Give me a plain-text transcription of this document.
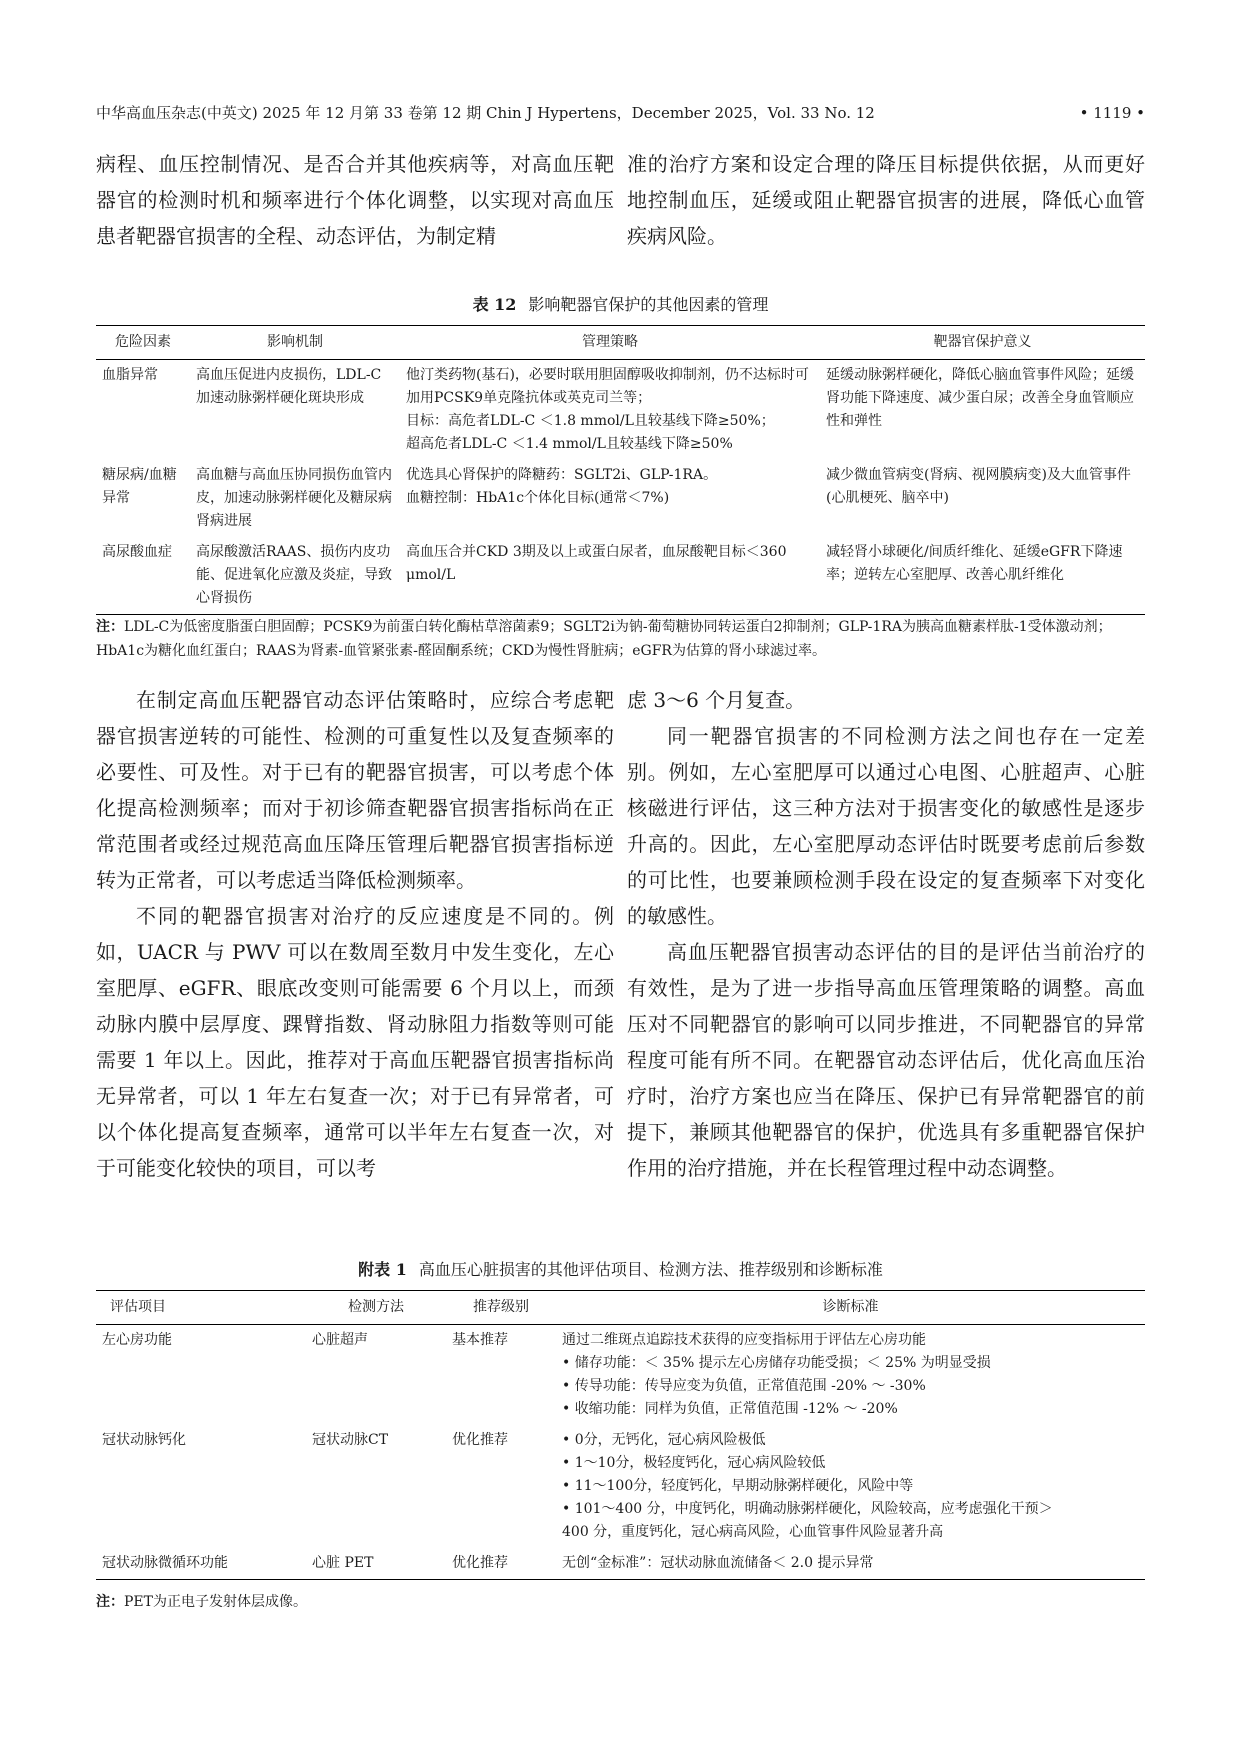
中华高血压杂志(中英文) 2025 年 12 月第 33 卷第 12 期 Chin J Hypertens，December 2025，Vol. 33 No. 12	• 1119 •

病程、血压控制情况、是否合并其他疾病等，对高血压靶器官的检测时机和频率进行个体化调整，以实现对高血压患者靶器官损害的全程、动态评估，为制定精

准的治疗方案和设定合理的降压目标提供依据，从而更好地控制血压，延缓或阻止靶器官损害的进展，降低心血管疾病风险。

表 12 影响靶器官保护的其他因素的管理
危险因素	影响机制	管理策略	靶器官保护意义
血脂异常	高血压促进内皮损伤，LDL-C加速动脉粥样硬化斑块形成	他汀类药物(基石)，必要时联用胆固醇吸收抑制剂，仍不达标时可加用PCSK9单克隆抗体或英克司兰等；
目标：高危者LDL-C ＜1.8 mmol/L且较基线下降≥50%；
超高危者LDL-C ＜1.4 mmol/L且较基线下降≥50%	延缓动脉粥样硬化，降低心脑血管事件风险；延缓肾功能下降速度、减少蛋白尿；改善全身血管顺应性和弹性
糖尿病/血糖异常	高血糖与高血压协同损伤血管内皮，加速动脉粥样硬化及糖尿病肾病进展	优选具心肾保护的降糖药：SGLT2i、GLP-1RA。
血糖控制：HbA1c个体化目标(通常＜7%)	减少微血管病变(肾病、视网膜病变)及大血管事件(心肌梗死、脑卒中)
高尿酸血症	高尿酸激活RAAS、损伤内皮功能、促进氧化应激及炎症，导致心肾损伤	高血压合并CKD 3期及以上或蛋白尿者，血尿酸靶目标＜360 μmol/L	减轻肾小球硬化/间质纤维化、延缓eGFR下降速率；逆转左心室肥厚、改善心肌纤维化
注：LDL-C为低密度脂蛋白胆固醇；PCSK9为前蛋白转化酶枯草溶菌素9；SGLT2i为钠-葡萄糖协同转运蛋白2抑制剂；GLP-1RA为胰高血糖素样肽-1受体激动剂； HbA1c为糖化血红蛋白；RAAS为肾素-血管紧张素-醛固酮系统；CKD为慢性肾脏病；eGFR为估算的肾小球滤过率。

在制定高血压靶器官动态评估策略时，应综合考虑靶器官损害逆转的可能性、检测的可重复性以及复查频率的必要性、可及性。对于已有的靶器官损害，可以考虑个体化提高检测频率；而对于初诊筛查靶器官损害指标尚在正常范围者或经过规范高血压降压管理后靶器官损害指标逆转为正常者，可以考虑适当降低检测频率。

不同的靶器官损害对治疗的反应速度是不同的。例如，UACR 与 PWV 可以在数周至数月中发生变化，左心室肥厚、eGFR、眼底改变则可能需要 6 个月以上，而颈动脉内膜中层厚度、踝臂指数、肾动脉阻力指数等则可能需要 1 年以上。因此，推荐对于高血压靶器官损害指标尚无异常者，可以 1 年左右复查一次；对于已有异常者，可以个体化提高复查频率，通常可以半年左右复查一次，对于可能变化较快的项目，可以考

虑 3～6 个月复查。

同一靶器官损害的不同检测方法之间也存在一定差别。例如，左心室肥厚可以通过心电图、心脏超声、心脏核磁进行评估，这三种方法对于损害变化的敏感性是逐步升高的。因此，左心室肥厚动态评估时既要考虑前后参数的可比性，也要兼顾检测手段在设定的复查频率下对变化的敏感性。

高血压靶器官损害动态评估的目的是评估当前治疗的有效性，是为了进一步指导高血压管理策略的调整。高血压对不同靶器官的影响可以同步推进，不同靶器官的异常程度可能有所不同。在靶器官动态评估后，优化高血压治疗时，治疗方案也应当在降压、保护已有异常靶器官的前提下，兼顾其他靶器官的保护，优选具有多重靶器官保护作用的治疗措施，并在长程管理过程中动态调整。

附表 1 高血压心脏损害的其他评估项目、检测方法、推荐级别和诊断标准
评估项目	检测方法	推荐级别	诊断标准
左心房功能	心脏超声	基本推荐	通过二维斑点追踪技术获得的应变指标用于评估左心房功能
• 储存功能：＜ 35% 提示左心房储存功能受损；＜ 25% 为明显受损
• 传导功能：传导应变为负值，正常值范围 -20% ～ -30%
• 收缩功能：同样为负值，正常值范围 -12% ～ -20%

冠状动脉钙化	冠状动脉CT	优化推荐	• 0分，无钙化，冠心病风险极低
• 1～10分，极轻度钙化，冠心病风险较低
• 11～100分，轻度钙化，早期动脉粥样硬化，风险中等
• 101～400 分，中度钙化，明确动脉粥样硬化，风险较高，应考虑强化干预＞
400 分，重度钙化，冠心病高风险，心血管事件风险显著升高

冠状动脉微循环功能	心脏 PET	优化推荐	无创“金标准”：冠状动脉血流储备＜ 2.0 提示异常
注：PET为正电子发射体层成像。
